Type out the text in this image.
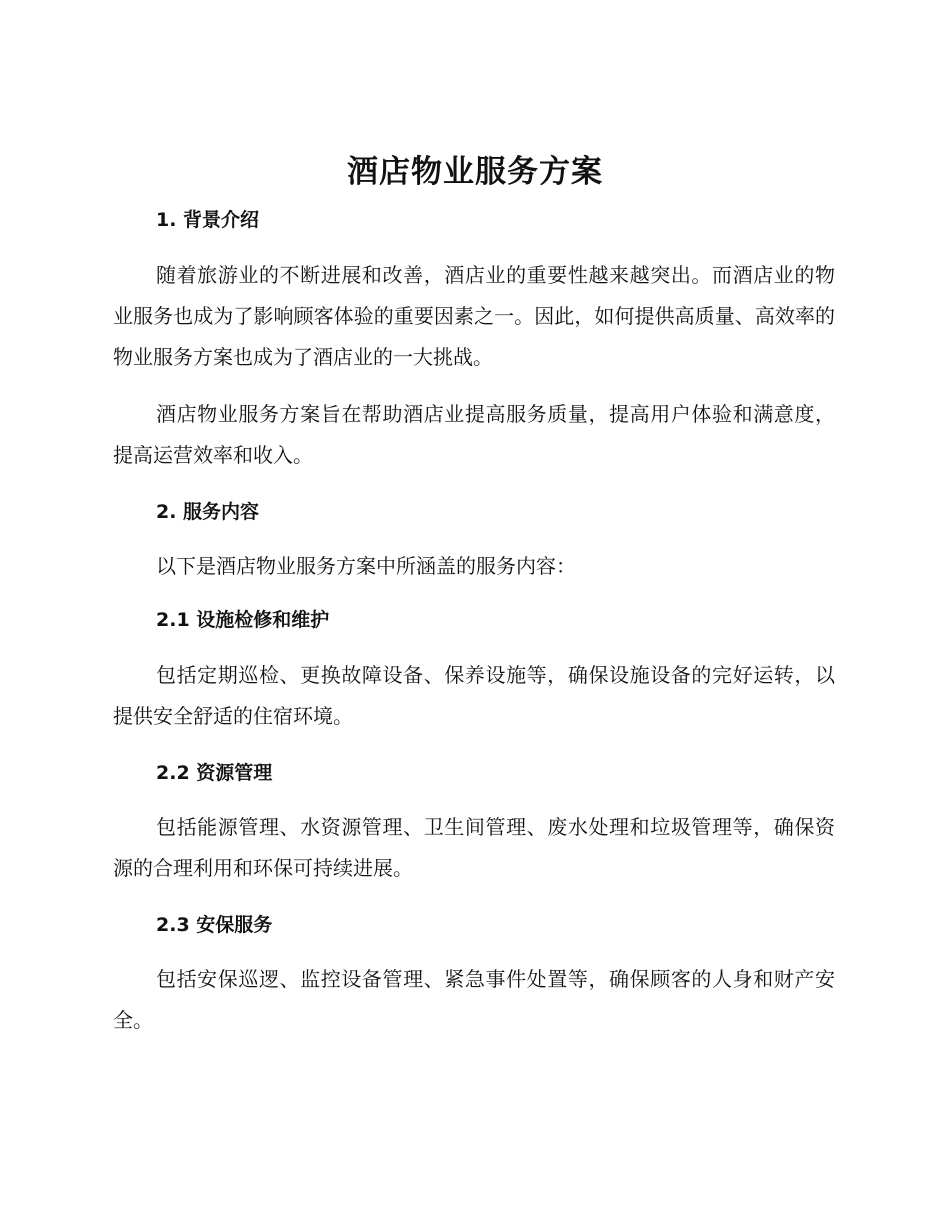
酒店物业服务方案
1. 背景介绍

随着旅游业的不断进展和改善，酒店业的重要性越来越突出。而酒店业的物业服务也成为了影响顾客体验的重要因素之一。因此，如何提供高质量、高效率的物业服务方案也成为了酒店业的一大挑战。

酒店物业服务方案旨在帮助酒店业提高服务质量，提高用户体验和满意度，提高运营效率和收入。

2. 服务内容

以下是酒店物业服务方案中所涵盖的服务内容：

2.1 设施检修和维护

包括定期巡检、更换故障设备、保养设施等，确保设施设备的完好运转，以提供安全舒适的住宿环境。

2.2 资源管理

包括能源管理、水资源管理、卫生间管理、废水处理和垃圾管理等，确保资源的合理利用和环保可持续进展。

2.3 安保服务

包括安保巡逻、监控设备管理、紧急事件处置等，确保顾客的人身和财产安全。
